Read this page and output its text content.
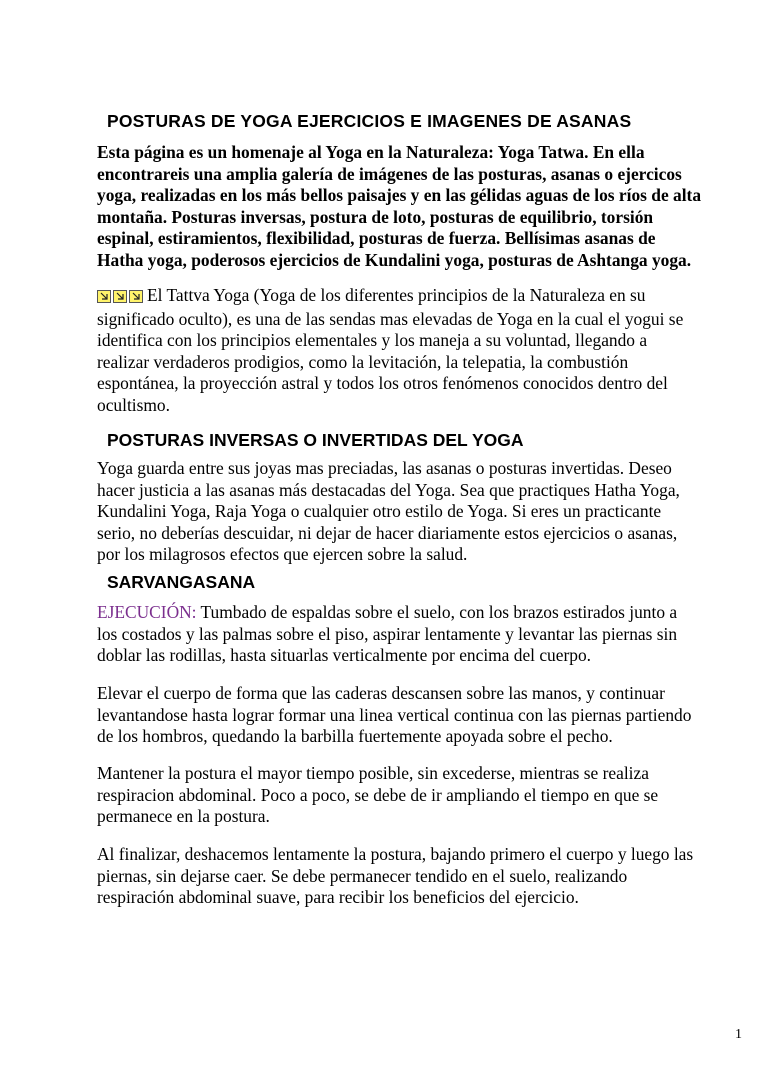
POSTURAS DE YOGA EJERCICIOS E IMAGENES DE ASANAS
Esta página es un homenaje al Yoga en la Naturaleza: Yoga Tatwa. En ella
encontrareis una amplia galería de imágenes de las posturas, asanas o ejercicos
yoga, realizadas en los más bellos paisajes y en las gélidas aguas de los ríos de alta
montaña. Posturas inversas, postura de loto, posturas de equilibrio, torsión
espinal, estiramientos, flexibilidad, posturas de fuerza. Bellísimas asanas de
Hatha yoga, poderosos ejercicios de Kundalini yoga, posturas de Ashtanga yoga.
El Tattva Yoga (Yoga de los diferentes principios de la Naturaleza en su
significado oculto), es una de las sendas mas elevadas de Yoga en la cual el yogui se
identifica con los principios elementales y los maneja a su voluntad, llegando a
realizar verdaderos prodigios, como la levitación, la telepatia, la combustión
espontánea, la proyección astral y todos los otros fenómenos conocidos dentro del
ocultismo.
POSTURAS INVERSAS O INVERTIDAS DEL YOGA
Yoga guarda entre sus joyas mas preciadas, las asanas o posturas invertidas. Deseo
hacer justicia a las asanas más destacadas del Yoga. Sea que practiques Hatha Yoga,
Kundalini Yoga, Raja Yoga o cualquier otro estilo de Yoga. Si eres un practicante
serio, no deberías descuidar, ni dejar de hacer diariamente estos ejercicios o asanas,
por los milagrosos efectos que ejercen sobre la salud.
SARVANGASANA
EJECUCIÓN: Tumbado de espaldas sobre el suelo, con los brazos estirados junto a
los costados y las palmas sobre el piso, aspirar lentamente y levantar las piernas sin
doblar las rodillas, hasta situarlas verticalmente por encima del cuerpo.
Elevar el cuerpo de forma que las caderas descansen sobre las manos, y continuar
levantandose hasta lograr formar una linea vertical continua con las piernas partiendo
de los hombros, quedando la barbilla fuertemente apoyada sobre el pecho.
Mantener la postura el mayor tiempo posible, sin excederse, mientras se realiza
respiracion abdominal. Poco a poco, se debe de ir ampliando el tiempo en que se
permanece en la postura.
Al finalizar, deshacemos lentamente la postura, bajando primero el cuerpo y luego las
piernas, sin dejarse caer. Se debe permanecer tendido en el suelo, realizando
respiración abdominal suave, para recibir los beneficios del ejercicio.
1
